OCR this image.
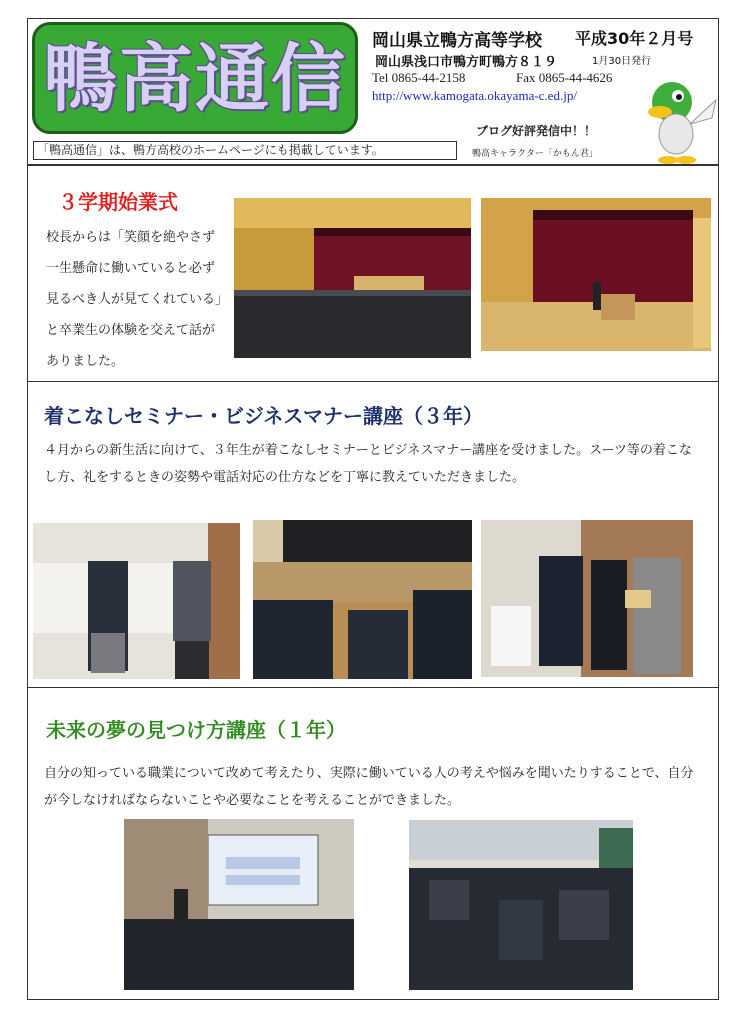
鴨高通信	岡山県立鴨方高等学校 平成30年２月号
岡山県浅口市鴨方町鴨方８１９	1月30日発行
Tel 0865-44-2158	Fax 0865-44-4626
http://www.kamogata.okayama-c.ed.jp/
「鴨高通信」は、鴨方高校のホームページにも掲載しています。
ブログ好評発信中！！
鴨高キャラクター「かもん君」
３学期始業式
校長からは「笑顔を絶やさず一生懸命に働いていると必ず見るべき人が見てくれている」と卒業生の体験を交えて話がありました。
着こなしセミナー・ビジネスマナー講座（３年）
４月からの新生活に向けて、３年生が着こなしセミナーとビジネスマナー講座を受けました。スーツ等の着こなし方、礼をするときの姿勢や電話対応の仕方などを丁寧に教えていただきました。
未来の夢の見つけ方講座（１年）
自分の知っている職業について改めて考えたり、実際に働いている人の考えや悩みを聞いたりすることで、自分が今しなければならないことや必要なことを考えることができました。
